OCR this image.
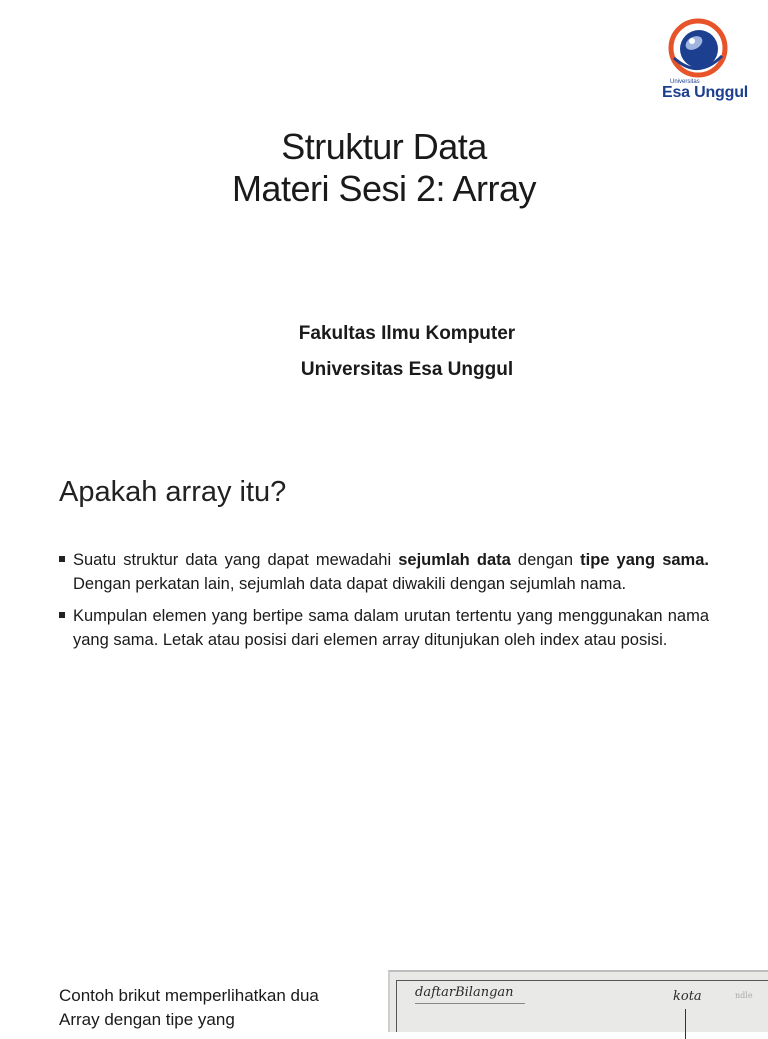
Universitas
Esa Unggul
Struktur Data
Materi Sesi 2: Array
Fakultas Ilmu Komputer
Universitas Esa Unggul
Apakah array itu?
Suatu struktur data yang dapat mewadahi sejumlah data dengan tipe yang sama. Dengan perkatan lain, sejumlah data dapat diwakili dengan sejumlah nama.
Kumpulan elemen yang bertipe sama dalam urutan tertentu yang menggunakan nama yang sama. Letak atau posisi dari elemen array ditunjukan oleh index atau posisi.
Contoh brikut memperlihatkan dua Array dengan tipe yang
daftarBilangan	kota	ndle
